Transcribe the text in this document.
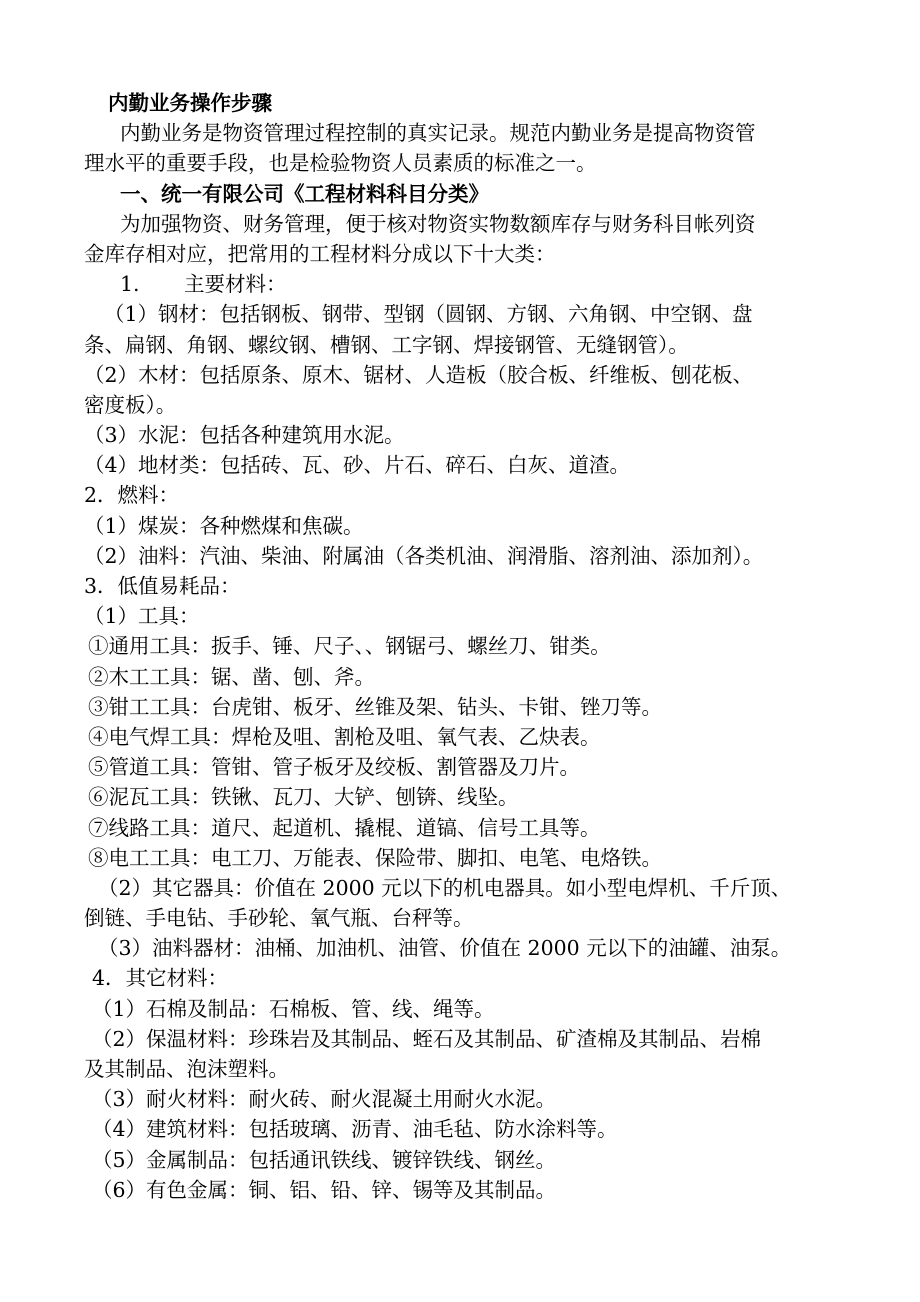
内勤业务操作步骤
内勤业务是物资管理过程控制的真实记录。规范内勤业务是提高物资管
理水平的重要手段，也是检验物资人员素质的标准之一。
一、统一有限公司《工程材料科目分类》
为加强物资、财务管理，便于核对物资实物数额库存与财务科目帐列资
金库存相对应，把常用的工程材料分成以下十大类：
1. 主要材料：
（1）钢材：包括钢板、钢带、型钢（圆钢、方钢、六角钢、中空钢、盘
条、扁钢、角钢、螺纹钢、槽钢、工字钢、焊接钢管、无缝钢管）。
（2）木材：包括原条、原木、锯材、人造板（胶合板、纤维板、刨花板、
密度板）。
（3）水泥：包括各种建筑用水泥。
（4）地材类：包括砖、瓦、砂、片石、碎石、白灰、道渣。
2．燃料：
（1）煤炭：各种燃煤和焦碳。
（2）油料：汽油、柴油、附属油（各类机油、润滑脂、溶剂油、添加剂）。
3．低值易耗品：
（1）工具：
①通用工具：扳手、锤、尺子、、钢锯弓、螺丝刀、钳类。
②木工工具：锯、凿、刨、斧。
③钳工工具：台虎钳、板牙、丝锥及架、钻头、卡钳、锉刀等。
④电气焊工具：焊枪及咀、割枪及咀、氧气表、乙炔表。
⑤管道工具：管钳、管子板牙及绞板、割管器及刀片。
⑥泥瓦工具：铁锹、瓦刀、大铲、刨锛、线坠。
⑦线路工具：道尺、起道机、撬棍、道镐、信号工具等。
⑧电工工具：电工刀、万能表、保险带、脚扣、电笔、电烙铁。
（2）其它器具：价值在 2000 元以下的机电器具。如小型电焊机、千斤顶、
倒链、手电钻、手砂轮、氧气瓶、台秤等。
（3）油料器材：油桶、加油机、油管、价值在 2000 元以下的油罐、油泵。
4．其它材料：
（1）石棉及制品：石棉板、管、线、绳等。
（2）保温材料：珍珠岩及其制品、蛭石及其制品、矿渣棉及其制品、岩棉
及其制品、泡沫塑料。
（3）耐火材料：耐火砖、耐火混凝土用耐火水泥。
（4）建筑材料：包括玻璃、沥青、油毛毡、防水涂料等。
（5）金属制品：包括通讯铁线、镀锌铁线、钢丝。
（6）有色金属：铜、铝、铅、锌、锡等及其制品。
